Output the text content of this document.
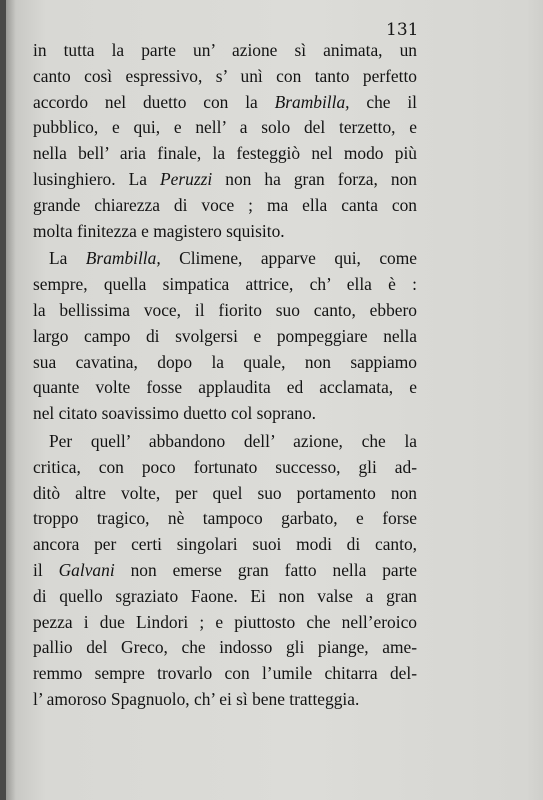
131
in tutta la parte un’ azione sì animata, un
canto così espressivo, s’ unì con tanto perfetto
accordo nel duetto con la Brambilla, che il
pubblico, e qui, e nell’ a solo del terzetto, e
nella bell’ aria finale, la festeggiò nel modo più
lusinghiero. La Peruzzi non ha gran forza, non
grande chiarezza di voce ; ma ella canta con
molta finitezza e magistero squisito.
La Brambilla, Climene, apparve qui, come
sempre, quella simpatica attrice, ch’ ella è :
la bellissima voce, il fiorito suo canto, ebbero
largo campo di svolgersi e pompeggiare nella
sua cavatina, dopo la quale, non sappiamo
quante volte fosse applaudita ed acclamata, e
nel citato soavissimo duetto col soprano.
Per quell’ abbandono dell’ azione, che la
critica, con poco fortunato successo, gli ad-
ditò altre volte, per quel suo portamento non
troppo tragico, nè tampoco garbato, e forse
ancora per certi singolari suoi modi di canto,
il Galvani non emerse gran fatto nella parte
di quello sgraziato Faone. Ei non valse a gran
pezza i due Lindori ; e piuttosto che nell’eroico
pallio del Greco, che indosso gli piange, ame-
remmo sempre trovarlo con l’umile chitarra del-
l’ amoroso Spagnuolo, ch’ ei sì bene tratteggia.
